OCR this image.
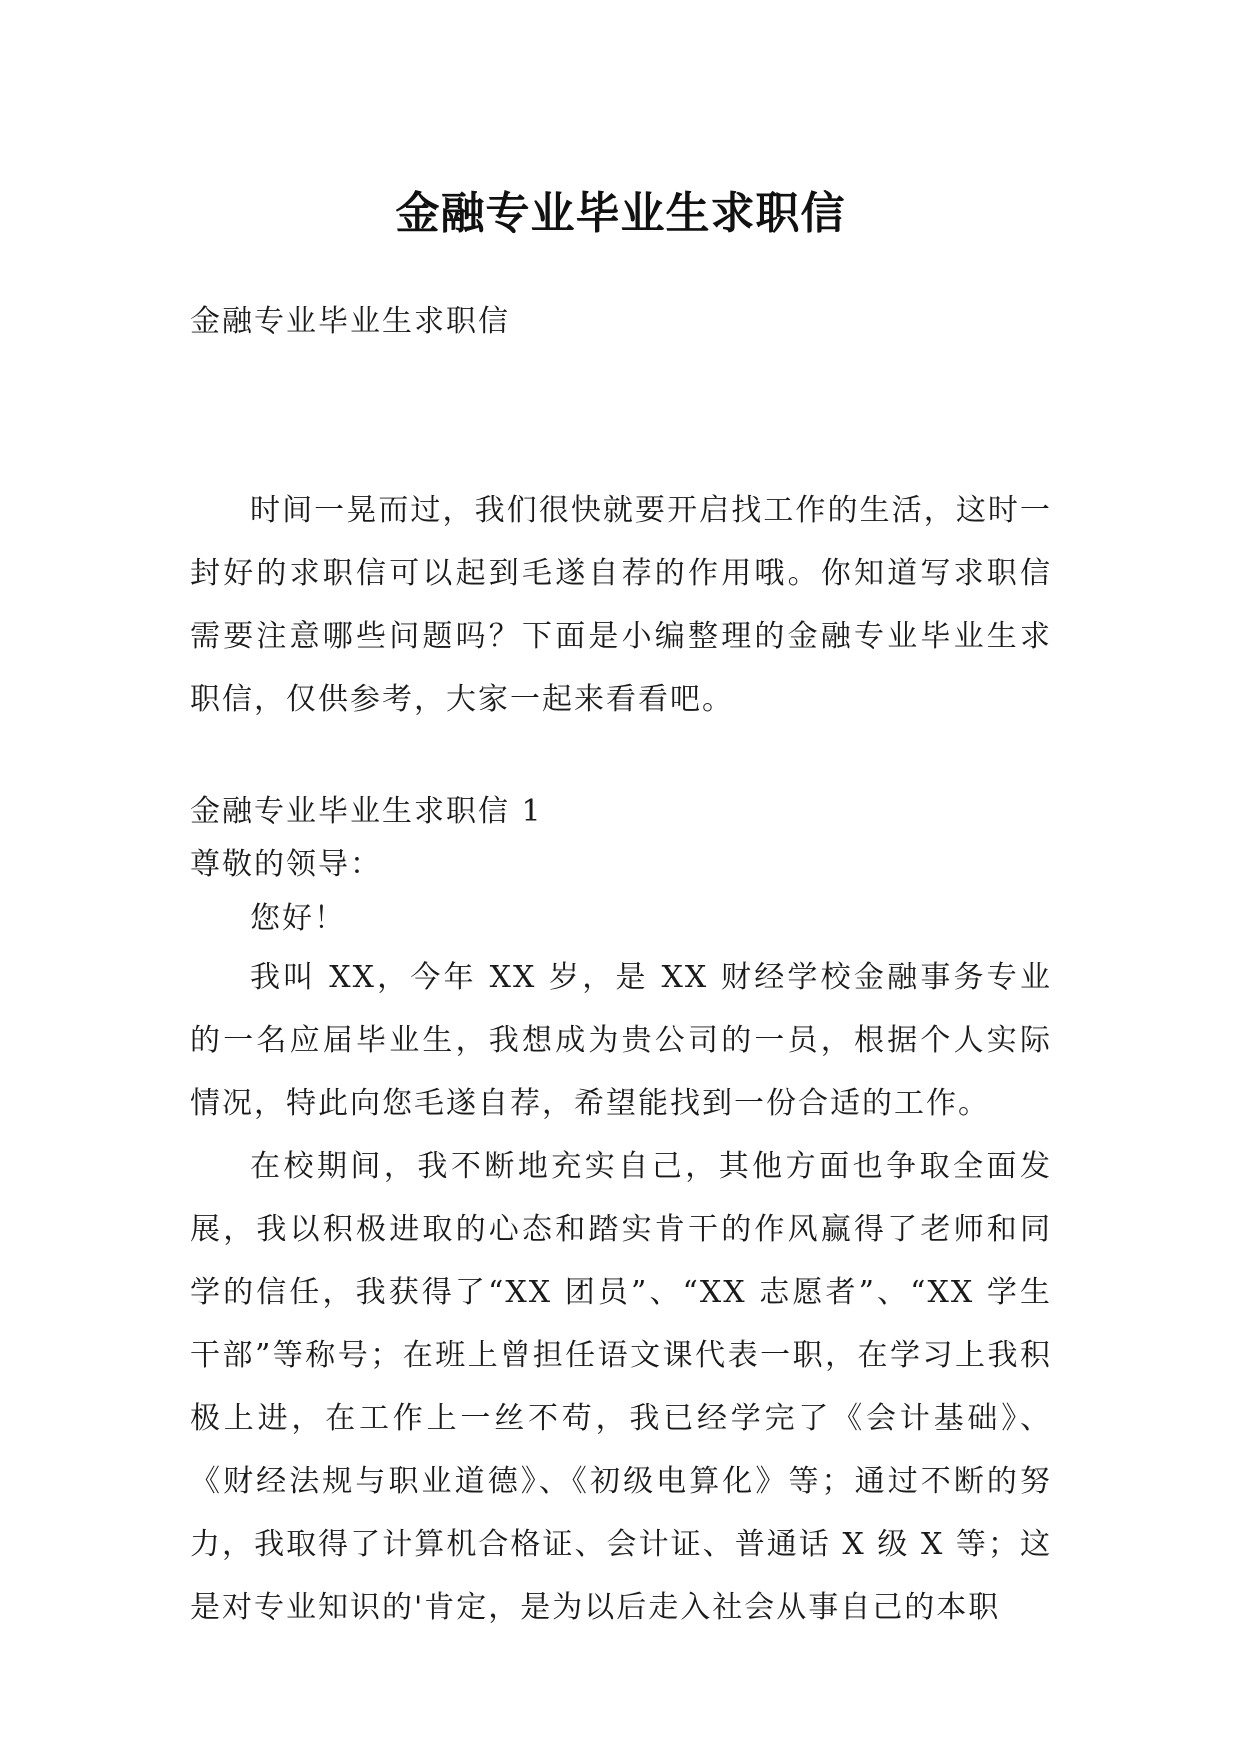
金融专业毕业生求职信

金融专业毕业生求职信

时间一晃而过，我们很快就要开启找工作的生活，这时一封好的求职信可以起到毛遂自荐的作用哦。你知道写求职信需要注意哪些问题吗？下面是小编整理的金融专业毕业生求职信，仅供参考，大家一起来看看吧。

金融专业毕业生求职信 1

尊敬的领导：

您好！

我叫 XX，今年 XX 岁，是 XX 财经学校金融事务专业的一名应届毕业生，我想成为贵公司的一员，根据个人实际情况，特此向您毛遂自荐，希望能找到一份合适的工作。

在校期间，我不断地充实自己，其他方面也争取全面发展，我以积极进取的心态和踏实肯干的作风赢得了老师和同学的信任，我获得了“XX 团员”、“XX 志愿者”、“XX 学生干部”等称号；在班上曾担任语文课代表一职，在学习上我积极上进，在工作上一丝不苟，我已经学完了《会计基础》、《财经法规与职业道德》、《初级电算化》等；通过不断的努力，我取得了计算机合格证、会计证、普通话 X 级 X 等；这是对专业知识的'肯定，是为以后走入社会从事自己的本职
